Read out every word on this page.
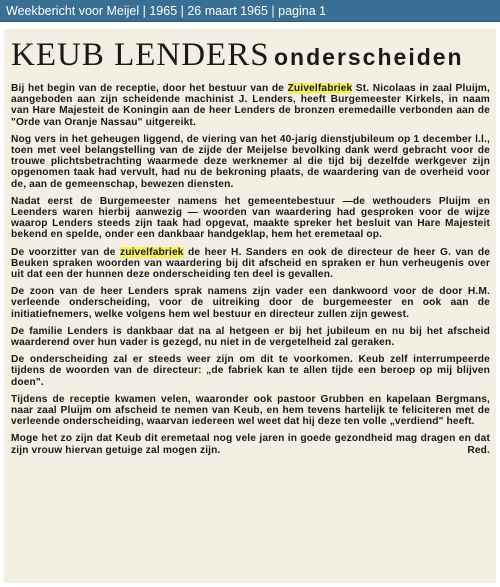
Weekbericht voor Meijel | 1965 | 26 maart 1965 | pagina 1
KEUB LENDERS onderscheiden

Bij het begin van de receptie, door het bestuur van de Zuivelfabriek St. Nicolaas in zaal Pluijm, aangeboden aan zijn scheidende machinist J. Lenders, heeft Burgemeester Kirkels, in naam van Hare Majesteit de Koningin aan de heer Lenders de bronzen eremedaille verbonden aan de "Orde van Oranje Nassau" uitgereikt.

Nog vers in het geheugen liggend, de viering van het 40-jarig dienstjubileum op 1 december l.l., toen met veel belangstelling van de zijde der Meijelse bevolking dank werd gebracht voor de trouwe plichtsbetrachting waarmede deze werknemer al die tijd bij dezelfde werkgever zijn opgenomen taak had vervult, had nu de bekroning plaats, de waardering van de overheid voor de, aan de gemeenschap, bewezen diensten.

Nadat eerst de Burgemeester namens het gemeentebestuur —de wethouders Pluijm en Leenders waren hierbij aanwezig — woorden van waardering had gesproken voor de wijze waarop Lenders steeds zijn taak had opgevat, maakte spreker het besluit van Hare Majesteit bekend en spelde, onder een dankbaar handgeklap, hem het eremetaal op.

De voorzitter van de zuivelfabriek de heer H. Sanders en ook de directeur de heer G. van de Beuken spraken woorden van waardering bij dit afscheid en spraken er hun verheugenis over uit dat een der hunnen deze onderscheiding ten deel is gevallen.

De zoon van de heer Lenders sprak namens zijn vader een dankwoord voor de door H.M. verleende onderscheiding, voor de uitreiking door de burgemeester en ook aan de initiatiefnemers, welke volgens hem wel bestuur en directeur zullen zijn gewest.

De familie Lenders is dankbaar dat na al hetgeen er bij het jubileum en nu bij het afscheid waarderend over hun vader is gezegd, nu niet in de vergetelheid zal geraken.

De onderscheiding zal er steeds weer zijn om dit te voorkomen. Keub zelf interrumpeerde tijdens de woorden van de directeur: „de fabriek kan te allen tijde een beroep op mij blijven doen".

Tijdens de receptie kwamen velen, waaronder ook pastoor Grubben en kapelaan Bergmans, naar zaal Pluijm om afscheid te nemen van Keub, en hem tevens hartelijk te feliciteren met de verleende onderscheiding, waarvan iedereen wel weet dat hij deze ten volle „verdiend" heeft.

Moge het zo zijn dat Keub dit eremetaal nog vele jaren in goede gezondheid mag dragen en dat zijn vrouw hiervan getuige zal mogen zijn.	Red.
